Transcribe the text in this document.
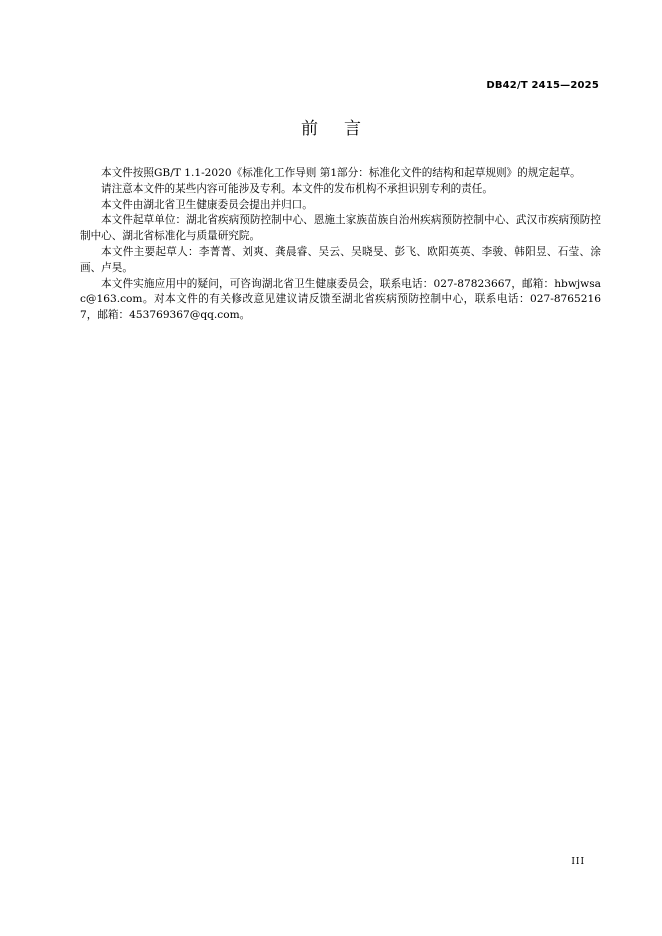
DB42/T 2415—2025
前言

本文件按照GB/T 1.1-2020《标准化工作导则 第1部分：标准化文件的结构和起草规则》的规定起草。

请注意本文件的某些内容可能涉及专利。本文件的发布机构不承担识别专利的责任。

本文件由湖北省卫生健康委员会提出并归口。

本文件起草单位：湖北省疾病预防控制中心、恩施土家族苗族自治州疾病预防控制中心、武汉市疾病预防控制中心、湖北省标准化与质量研究院。

本文件主要起草人：李菁菁、刘爽、龚晨睿、吴云、吴晓旻、彭飞、欧阳英英、李骏、韩阳昱、石莹、涂画、卢昊。

本文件实施应用中的疑问，可咨询湖北省卫生健康委员会，联系电话：027-87823667，邮箱：hbwjwsac@163.com。对本文件的有关修改意见建议请反馈至湖北省疾病预防控制中心，联系电话：027-87652167，邮箱：453769367@qq.com。

III
